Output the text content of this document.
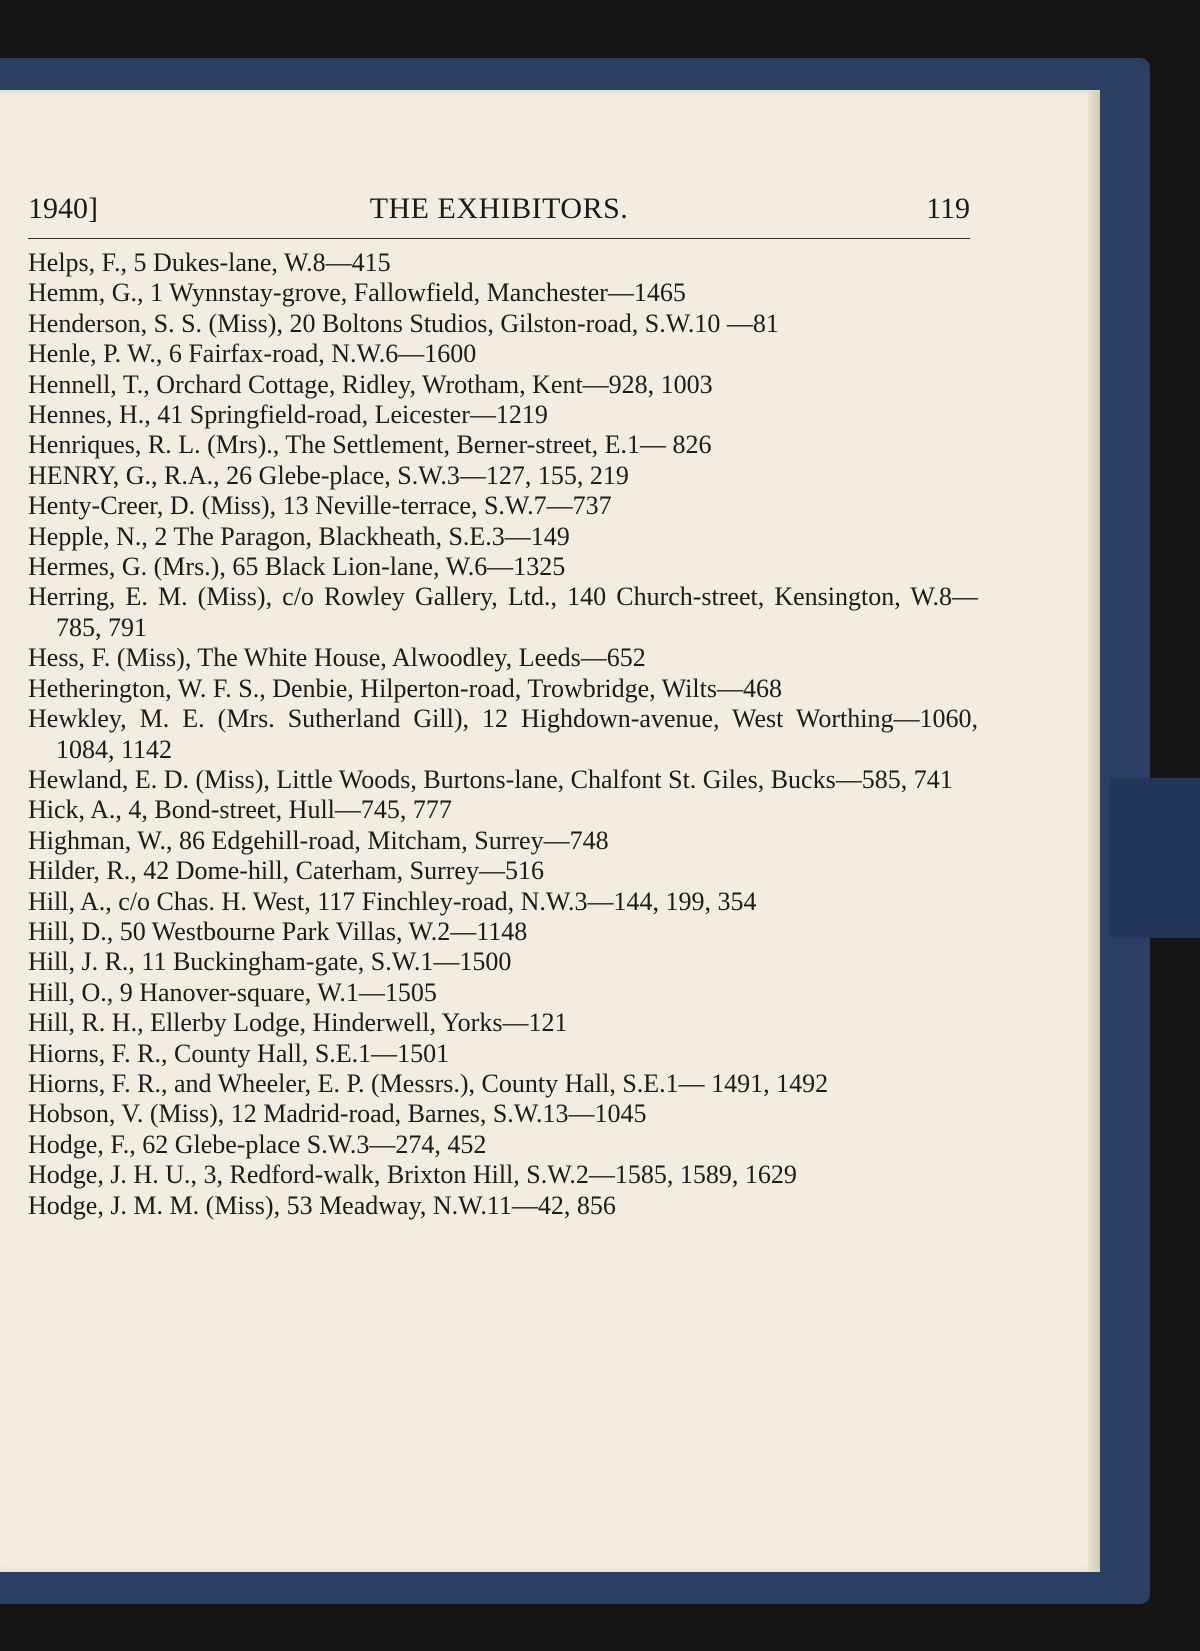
1940]	THE EXHIBITORS.	119
Helps, F., 5 Dukes-lane, W.8—415
Hemm, G., 1 Wynnstay-grove, Fallowfield, Manchester—1465
Henderson, S. S. (Miss), 20 Boltons Studios, Gilston-road, S.W.10 —81
Henle, P. W., 6 Fairfax-road, N.W.6—1600
Hennell, T., Orchard Cottage, Ridley, Wrotham, Kent—928, 1003
Hennes, H., 41 Springfield-road, Leicester—1219
Henriques, R. L. (Mrs)., The Settlement, Berner-street, E.1— 826
HENRY, G., R.A., 26 Glebe-place, S.W.3—127, 155, 219
Henty-Creer, D. (Miss), 13 Neville-terrace, S.W.7—737
Hepple, N., 2 The Paragon, Blackheath, S.E.3—149
Hermes, G. (Mrs.), 65 Black Lion-lane, W.6—1325
Herring, E. M. (Miss), c/o Rowley Gallery, Ltd., 140 Church-street, Kensington, W.8—785, 791
Hess, F. (Miss), The White House, Alwoodley, Leeds—652
Hetherington, W. F. S., Denbie, Hilperton-road, Trowbridge, Wilts—468
Hewkley, M. E. (Mrs. Sutherland Gill), 12 Highdown-avenue, West Worthing—1060, 1084, 1142
Hewland, E. D. (Miss), Little Woods, Burtons-lane, Chalfont St. Giles, Bucks—585, 741
Hick, A., 4, Bond-street, Hull—745, 777
Highman, W., 86 Edgehill-road, Mitcham, Surrey—748
Hilder, R., 42 Dome-hill, Caterham, Surrey—516
Hill, A., c/o Chas. H. West, 117 Finchley-road, N.W.3—144, 199, 354
Hill, D., 50 Westbourne Park Villas, W.2—1148
Hill, J. R., 11 Buckingham-gate, S.W.1—1500
Hill, O., 9 Hanover-square, W.1—1505
Hill, R. H., Ellerby Lodge, Hinderwell, Yorks—121
Hiorns, F. R., County Hall, S.E.1—1501
Hiorns, F. R., and Wheeler, E. P. (Messrs.), County Hall, S.E.1— 1491, 1492
Hobson, V. (Miss), 12 Madrid-road, Barnes, S.W.13—1045
Hodge, F., 62 Glebe-place S.W.3—274, 452
Hodge, J. H. U., 3, Redford-walk, Brixton Hill, S.W.2—1585, 1589, 1629
Hodge, J. M. M. (Miss), 53 Meadway, N.W.11—42, 856
